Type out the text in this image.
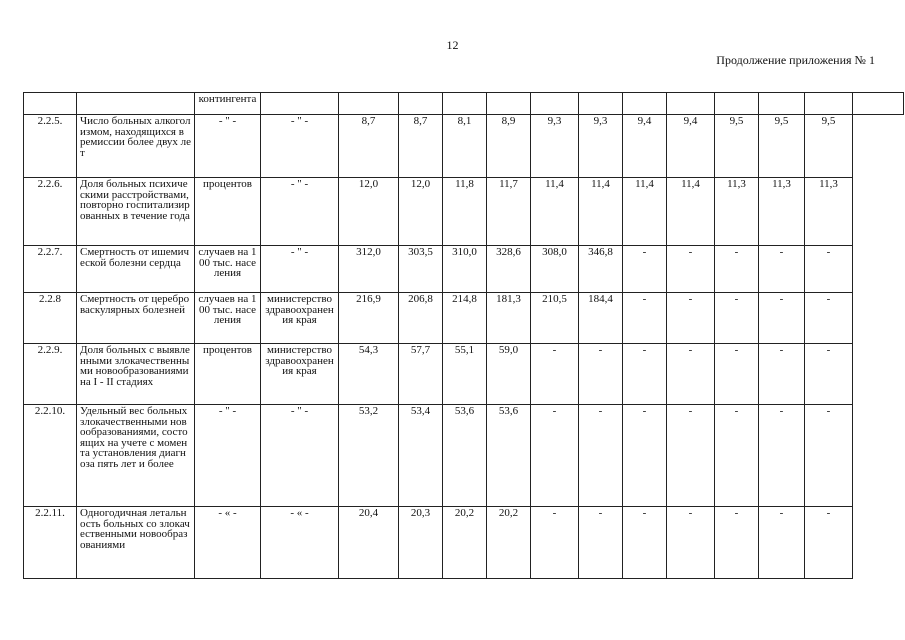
12
Продолжение приложения № 1
		контингента													
2.2.5.	Число больных алкоголизмом, находящихся в ремиссии более двух лет	- " -	- " -	8,7	8,7	8,1	8,9	9,3	9,3	9,4	9,4	9,5	9,5	9,5	
2.2.6.	Доля больных психическими расстройствами, повторно госпитализированных в течение года	процентов	- " -	12,0	12,0	11,8	11,7	11,4	11,4	11,4	11,4	11,3	11,3	11,3	
2.2.7.	Смертность от ишемической болезни сердца	случаев на 100 тыс. населения	- " -	312,0	303,5	310,0	328,6	308,0	346,8	-	-	-	-	-	
2.2.8	Смертность от цереброваскулярных болезней	случаев на 100 тыс. населения	министерство здравоохранения края	216,9	206,8	214,8	181,3	210,5	184,4	-	-	-	-	-	
2.2.9.	Доля больных с выявленными злокачественными новообразованиями на I - II стадиях	процентов	министерство здравоохранения края	54,3	57,7	55,1	59,0	-	-	-	-	-	-	-	
2.2.10.	Удельный вес больных злокачественными новообразованиями, состоящих на учете с момента установления диагноза пять лет и более	- " -	- " -	53,2	53,4	53,6	53,6	-	-	-	-	-	-	-	
2.2.11.	Одногодичная летальность больных со злокачественными новообразованиями	- « -	- « -	20,4	20,3	20,2	20,2	-	-	-	-	-	-	-	
